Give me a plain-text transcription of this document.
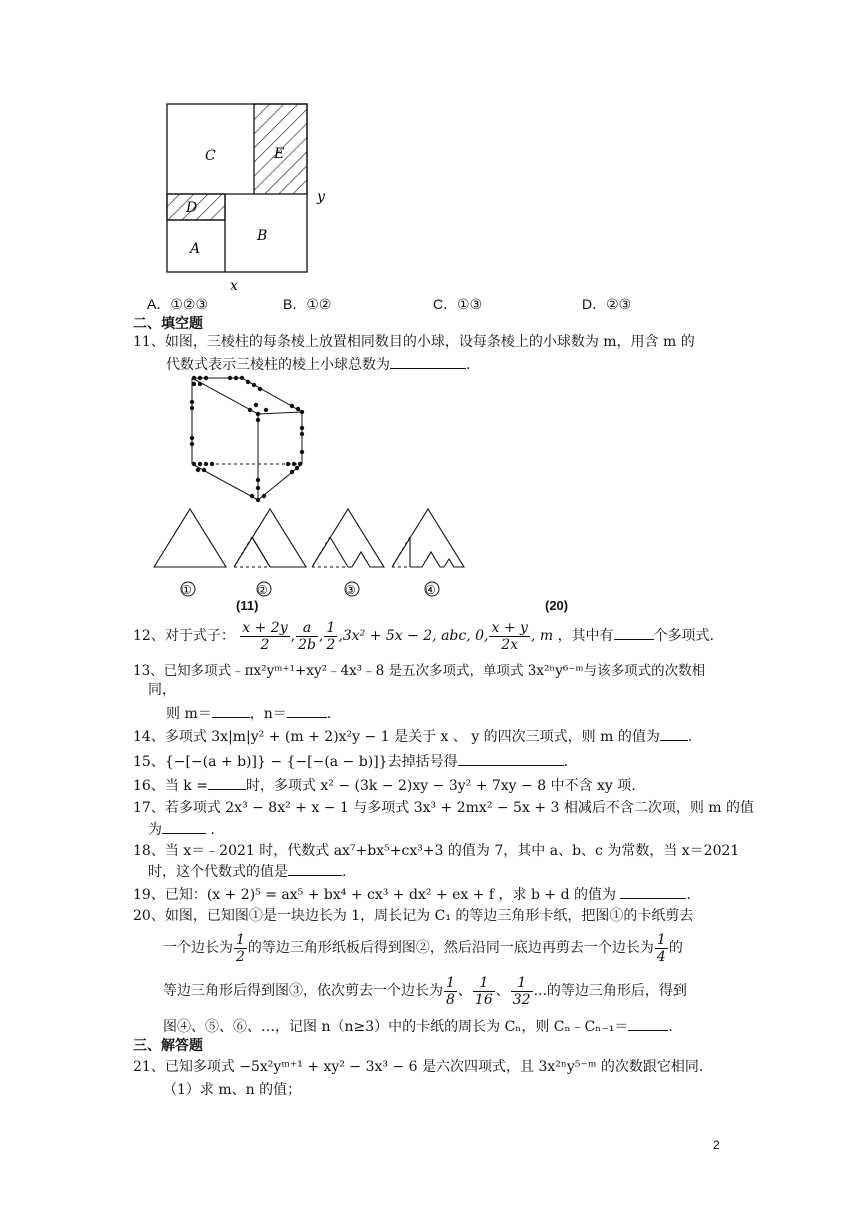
C	E
D
A
B
y
x
A．①②③	B．①②	C．①③	D．②③
二、填空题
11、如图，三棱柱的每条棱上放置相同数目的小球，设每条棱上的小球数为 m，用含 m 的
代数式表示三棱柱的棱上小球总数为	.
①	②	③	④
(11)	(20)
12、对于式子： $\frac{x + 2y}{2}$ , $\frac{a}{2b}$ , $\frac{1}{2} ,3x^2 + 5x - 2$, abc, 0, $\frac{x + y}{2x}$ , m ，其中有	个多项式.
13、已知多项式﹣πx²yᵐ⁺¹+xy²﹣4x³﹣8 是五次多项式，单项式 3x²ⁿy⁶⁻ᵐ与该多项式的次数相
同，
则 m＝	，n＝	.
14、多项式 3x|m|y² + (m + 2)x²y − 1 是关于 x 、 y 的四次三项式，则 m 的值为 .
15、{−[−(a + b)]} − {−[−(a − b)]}去掉括号得	.
16、当 k =	时，多项式 x² − (3k − 2)xy − 3y² + 7xy − 8 中不含 xy 项.
17、若多项式 2x³ − 8x² + x − 1 与多项式 3x³ + 2mx² − 5x + 3 相减后不含二次项，则 m 的值
为	.
18、当 x＝﹣2021 时，代数式 ax⁷+bx⁵+cx³+3 的值为 7，其中 a、b、c 为常数，当 x＝2021
时，这个代数式的值是	.
19、已知：(x + 2)⁵ = ax⁵ + bx⁴ + cx³ + dx² + ex + f ，求 b + d 的值为	.
20、如图，已知图①是一块边长为 1，周长记为 C₁ 的等边三角形卡纸，把图①的卡纸剪去
一个边长为 $\frac{1}{2}$ 的等边三角形纸板后得到图②，然后沿同一底边再剪去一个边长为 $\frac{1}{4}$ 的
等边三角形后得到图③，依次剪去一个边长为 $\frac{1}{8}$ 、 $\frac{1}{16}$ 、 $\frac{1}{32}$ ...的等边三角形后，得到
图④、⑤、⑥、…，记图 n（n≥3）中的卡纸的周长为 Cₙ，则 Cₙ﹣Cₙ₋₁＝	.
三、解答题
21、已知多项式 −5x²yᵐ⁺¹ + xy² − 3x³ − 6 是六次四项式，且 3x²ⁿy⁵⁻ᵐ 的次数跟它相同.
（1）求 m、n 的值；
2
